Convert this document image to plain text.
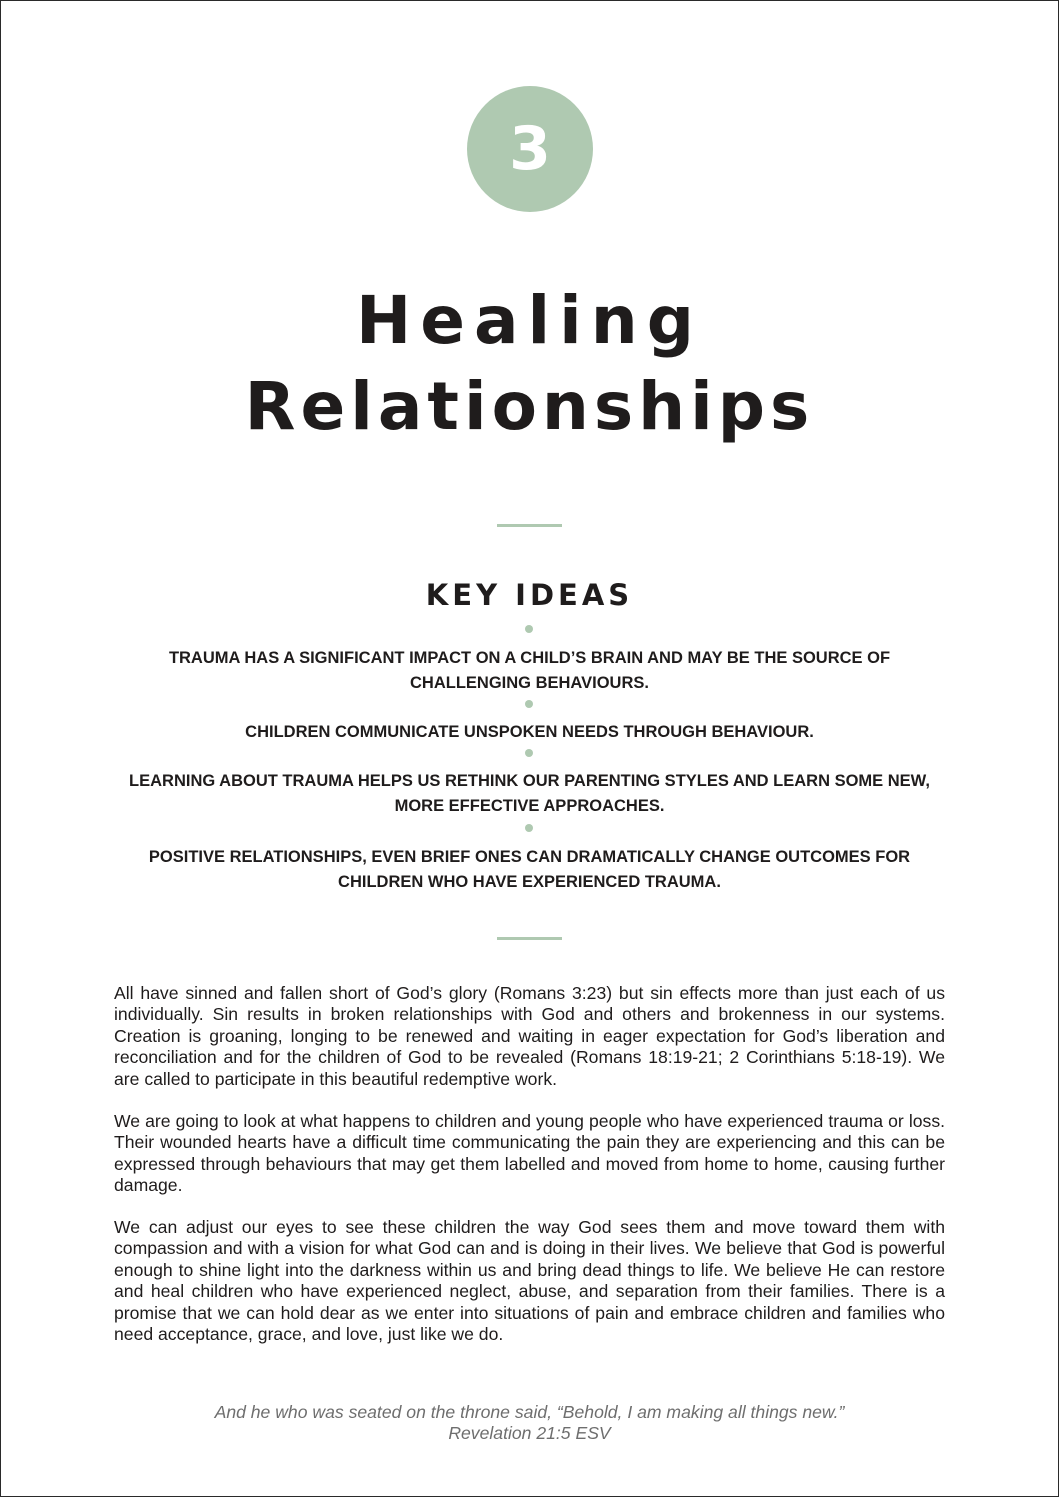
3
Healing
Relationships
KEY IDEAS

TRAUMA HAS A SIGNIFICANT IMPACT ON A CHILD’S BRAIN AND MAY BE THE SOURCE OF CHALLENGING BEHAVIOURS.

CHILDREN COMMUNICATE UNSPOKEN NEEDS THROUGH BEHAVIOUR.

LEARNING ABOUT TRAUMA HELPS US RETHINK OUR PARENTING STYLES AND LEARN SOME NEW, MORE EFFECTIVE APPROACHES.

POSITIVE RELATIONSHIPS, EVEN BRIEF ONES CAN DRAMATICALLY CHANGE OUTCOMES FOR CHILDREN WHO HAVE EXPERIENCED TRAUMA.

All have sinned and fallen short of God’s glory (Romans 3:23) but sin effects more than just each of us individually. Sin results in broken relationships with God and others and brokenness in our systems. Creation is groaning, longing to be renewed and waiting in eager expectation for God’s liberation and reconciliation and for the children of God to be revealed (Romans 18:19-21; 2 Corinthians 5:18-19). We are called to participate in this beautiful redemptive work.

We are going to look at what happens to children and young people who have experienced trauma or loss. Their wounded hearts have a difficult time communicating the pain they are experiencing and this can be expressed through behaviours that may get them labelled and moved from home to home, causing further damage.

We can adjust our eyes to see these children the way God sees them and move toward them with compassion and with a vision for what God can and is doing in their lives. We believe that God is powerful enough to shine light into the darkness within us and bring dead things to life. We believe He can restore and heal children who have experienced neglect, abuse, and separation from their families. There is a promise that we can hold dear as we enter into situations of pain and embrace children and families who need acceptance, grace, and love, just like we do.

And he who was seated on the throne said, “Behold, I am making all things new.”

Revelation 21:5 ESV
